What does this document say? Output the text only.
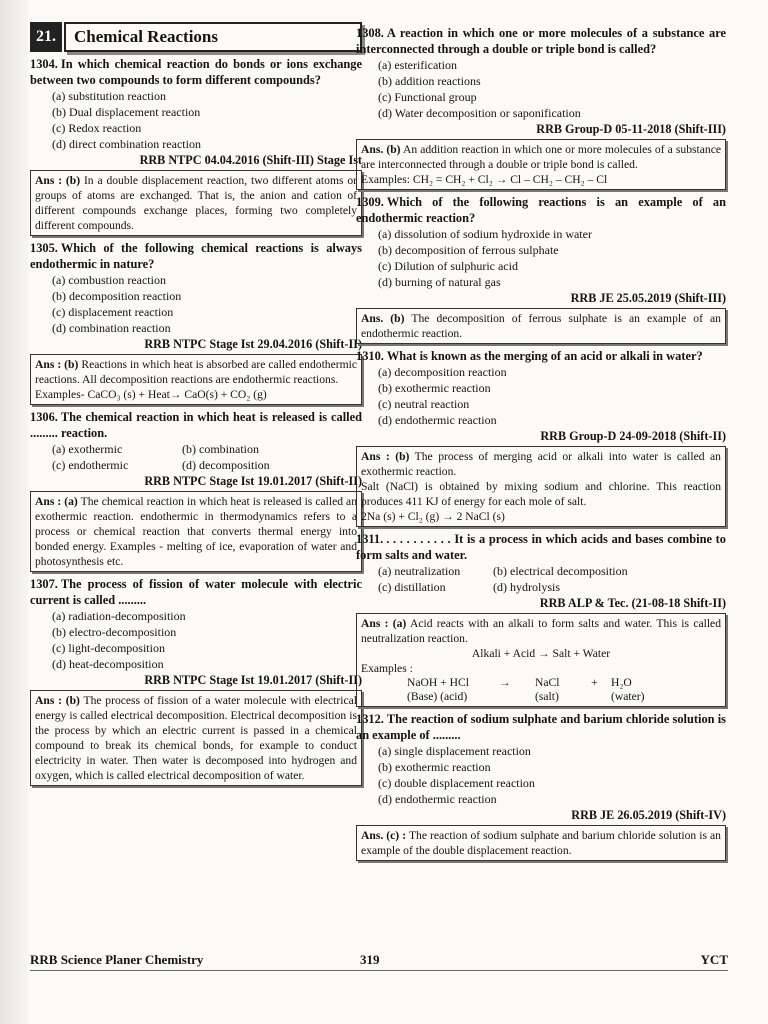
21.	Chemical Reactions
1304. In which chemical reaction do bonds or ions exchange between two compounds to form different compounds?
(a) substitution reaction
(b) Dual displacement reaction
(c) Redox reaction
(d) direct combination reaction
RRB NTPC 04.04.2016 (Shift-III) Stage Ist
Ans : (b) In a double displacement reaction, two different atoms or groups of atoms are exchanged. That is, the anion and cation of different compounds exchange places, forming two completely different compounds.
1305. Which of the following chemical reactions is always endothermic in nature?
(a) combustion reaction
(b) decomposition reaction
(c) displacement reaction
(d) combination reaction
RRB NTPC Stage Ist 29.04.2016 (Shift-II)
Ans : (b) Reactions in which heat is absorbed are called endothermic reactions. All decomposition reactions are endothermic reactions.
Examples- CaCO₃ (s) + Heat→ CaO(s) + CO₂ (g)
1306. The chemical reaction in which heat is released is called ......... reaction.
(a) exothermic	(b) combination
(c) endothermic	(d) decomposition
RRB NTPC Stage Ist 19.01.2017 (Shift-II)
Ans : (a) The chemical reaction in which heat is released is called an exothermic reaction. endothermic in thermodynamics refers to a process or chemical reaction that converts thermal energy into bonded energy. Examples - melting of ice, evaporation of water and photosynthesis etc.
1307. The process of fission of water molecule with electric current is called .........
(a) radiation-decomposition
(b) electro-decomposition
(c) light-decomposition
(d) heat-decomposition
RRB NTPC Stage Ist 19.01.2017 (Shift-II)
Ans : (b) The process of fission of a water molecule with electrical energy is called electrical decomposition. Electrical decomposition is the process by which an electric current is passed in a chemical compound to break its chemical bonds, for example to conduct electricity in water. Then water is decomposed into hydrogen and oxygen, which is called electrical decomposition of water.
1308. A reaction in which one or more molecules of a substance are interconnected through a double or triple bond is called?
(a) esterification
(b) addition reactions
(c) Functional group
(d) Water decomposition or saponification
RRB Group-D 05-11-2018 (Shift-III)
Ans. (b) An addition reaction in which one or more molecules of a substance are interconnected through a double or triple bond is called.
Examples: CH₂ = CH₂ + Cl₂ → Cl – CH₂ – CH₂ – Cl
1309. Which of the following reactions is an example of an endothermic reaction?
(a) dissolution of sodium hydroxide in water
(b) decomposition of ferrous sulphate
(c) Dilution of sulphuric acid
(d) burning of natural gas
RRB JE 25.05.2019 (Shift-III)
Ans. (b) The decomposition of ferrous sulphate is an example of an endothermic reaction.
1310. What is known as the merging of an acid or alkali in water?
(a) decomposition reaction
(b) exothermic reaction
(c) neutral reaction
(d) endothermic reaction
RRB Group-D 24-09-2018 (Shift-II)
Ans : (b) The process of merging acid or alkali into water is called an exothermic reaction.
Salt (NaCl) is obtained by mixing sodium and chlorine. This reaction produces 411 KJ of energy for each mole of salt.
2Na (s) + Cl₂ (g) → 2 NaCl (s)
1311. . . . . . . . . . . It is a process in which acids and bases combine to form salts and water.
(a) neutralization	(b) electrical decomposition
(c) distillation	(d) hydrolysis
RRB ALP & Tec. (21-08-18 Shift-II)
Ans : (a) Acid reacts with an alkali to form salts and water. This is called neutralization reaction.
Alkali + Acid → Salt + Water
Examples :
NaOH + HCl	→	NaCl	+	H₂O
(Base) (acid)	(salt)	(water)
1312. The reaction of sodium sulphate and barium chloride solution is an example of .........
(a) single displacement reaction
(b) exothermic reaction
(c) double displacement reaction
(d) endothermic reaction
RRB JE 26.05.2019 (Shift-IV)
Ans. (c) : The reaction of sodium sulphate and barium chloride solution is an example of the double displacement reaction.
RRB Science Planer Chemistry	319	YCT
